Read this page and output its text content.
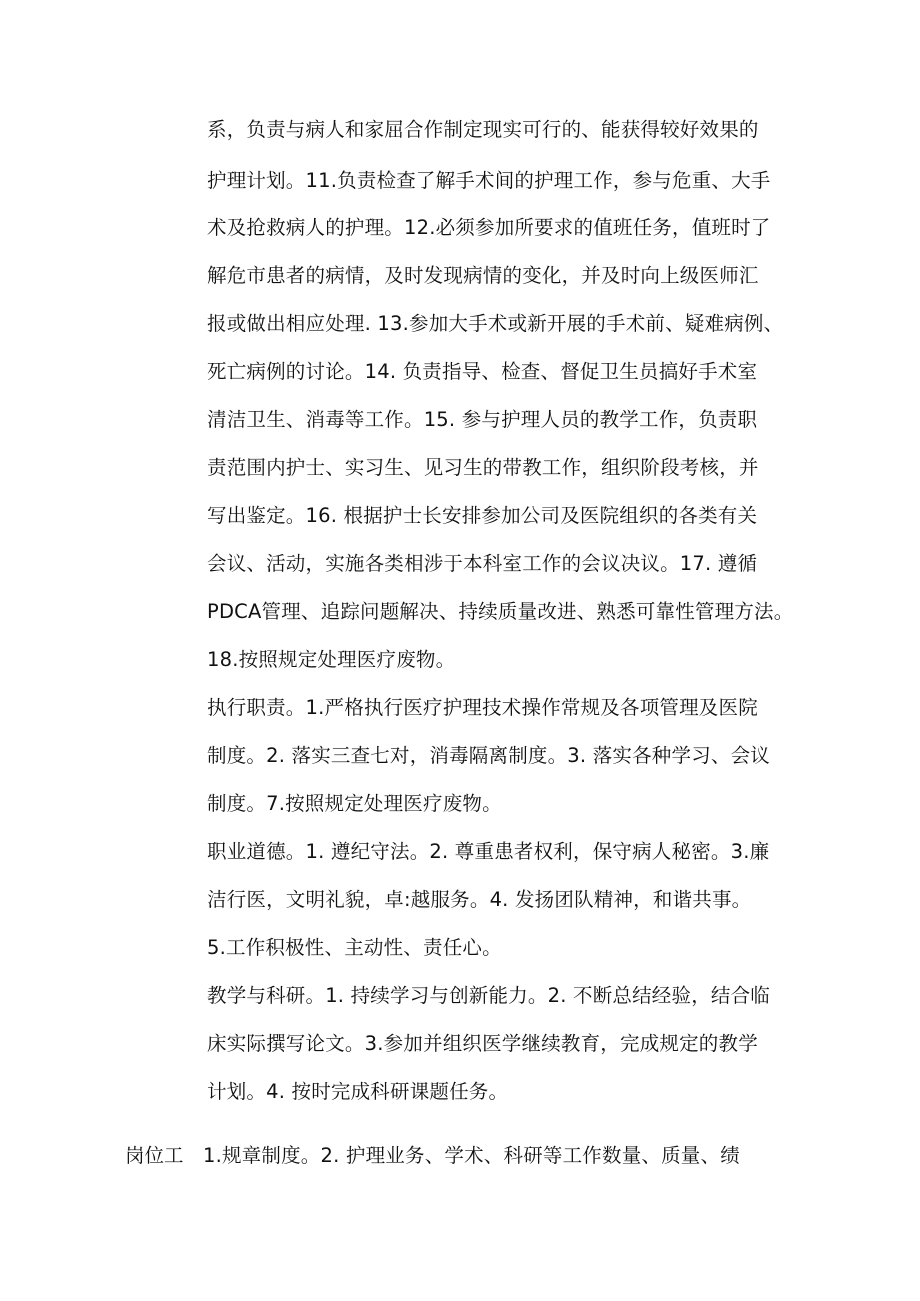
系，负责与病人和家屈合作制定现实可行的、能获得较好效果的
护理计划。11.负责检查了解手术间的护理工作，参与危重、大手
术及抢救病人的护理。12.必须参加所要求的值班任务，值班时了
解危市患者的病情，及时发现病情的变化，并及时向上级医师汇
报或做出相应处理. 13.参加大手术或新开展的手术前、疑难病例、
死亡病例的讨论。14. 负责指导、检查、督促卫生员搞好手术室
清洁卫生、消毒等工作。15. 参与护理人员的教学工作，负责职
责范围内护士、实习生、见习生的带教工作，组织阶段考核，并
写出鉴定。16. 根据护士长安排参加公司及医院组织的各类有关
会议、活动，实施各类相涉于本科室工作的会议决议。17. 遵循
PDCA管理、追踪问题解决、持续质量改进、熟悉可靠性管理方法。
18.按照规定处理医疗废物。
执行职责。1.严格执行医疗护理技术操作常规及各项管理及医院
制度。2. 落实三查七对，消毒隔离制度。3. 落实各种学习、会议
制度。7.按照规定处理医疗废物。
职业道德。1. 遵纪守法。2. 尊重患者权利，保守病人秘密。3.廉
洁行医，文明礼貌，卓:越服务。4. 发扬团队精神，和谐共事。
5.工作积极性、主动性、责任心。
教学与科研。1. 持续学习与创新能力。2. 不断总结经验，结合临
床实际撰写论文。3.参加并组织医学继续教育，完成规定的教学
计划。4. 按时完成科研课题任务。
岗位工 1.规章制度。2. 护理业务、学术、科研等工作数量、质量、绩
